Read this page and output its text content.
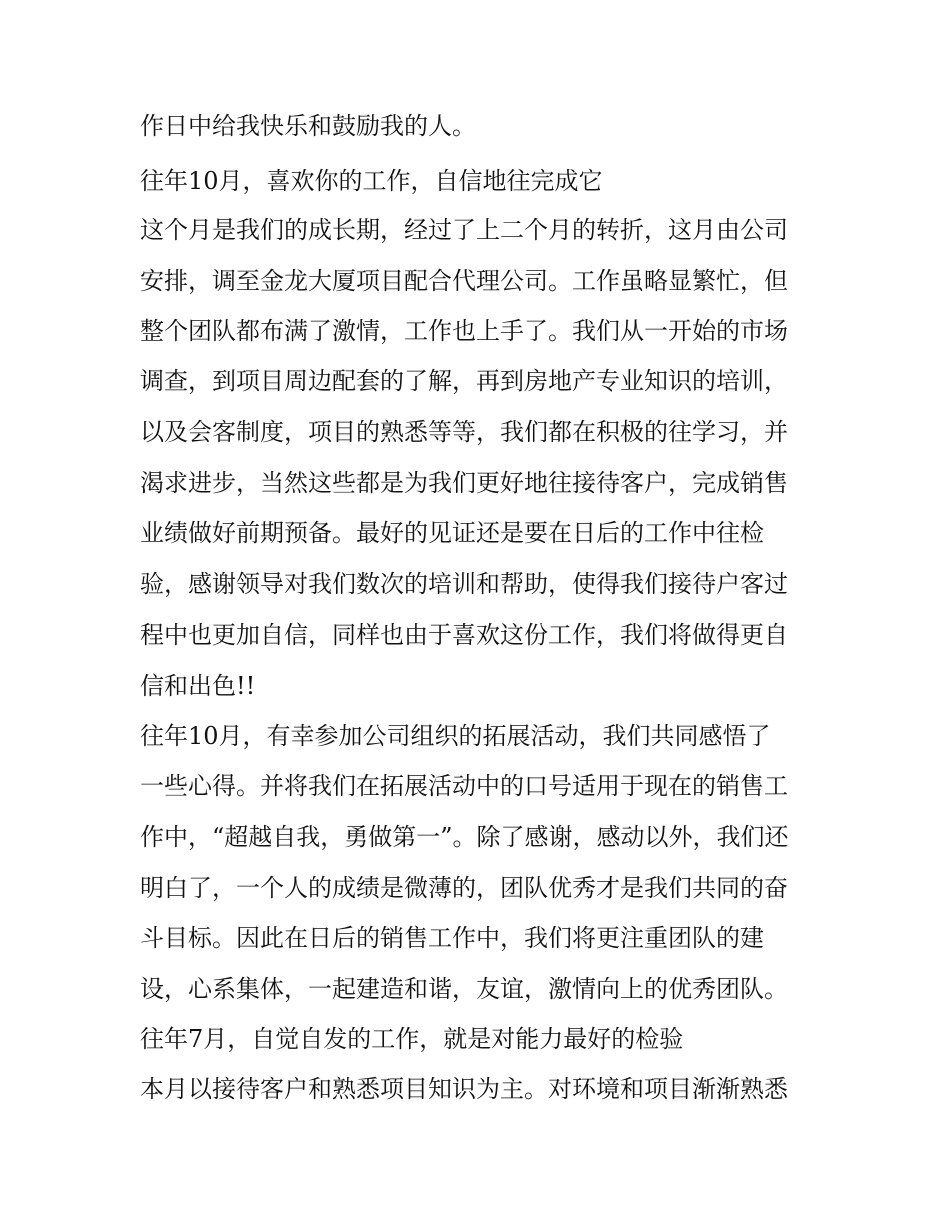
作日中给我快乐和鼓励我的人。
往年10月，喜欢你的工作，自信地往完成它
这个月是我们的成长期，经过了上二个月的转折，这月由公司
安排，调至金龙大厦项目配合代理公司。工作虽略显繁忙，但
整个团队都布满了激情，工作也上手了。我们从一开始的市场
调查，到项目周边配套的了解，再到房地产专业知识的培训，
以及会客制度，项目的熟悉等等，我们都在积极的往学习，并
渴求进步，当然这些都是为我们更好地往接待客户，完成销售
业绩做好前期预备。最好的见证还是要在日后的工作中往检
验，感谢领导对我们数次的培训和帮助，使得我们接待户客过
程中也更加自信，同样也由于喜欢这份工作，我们将做得更自
信和出色!!
往年10月，有幸参加公司组织的拓展活动，我们共同感悟了
一些心得。并将我们在拓展活动中的口号适用于现在的销售工
作中，“超越自我，勇做第一”。除了感谢，感动以外，我们还
明白了，一个人的成绩是微薄的，团队优秀才是我们共同的奋
斗目标。因此在日后的销售工作中，我们将更注重团队的建
设，心系集体，一起建造和谐，友谊，激情向上的优秀团队。
往年7月，自觉自发的工作，就是对能力最好的检验
本月以接待客户和熟悉项目知识为主。对环境和项目渐渐熟悉
